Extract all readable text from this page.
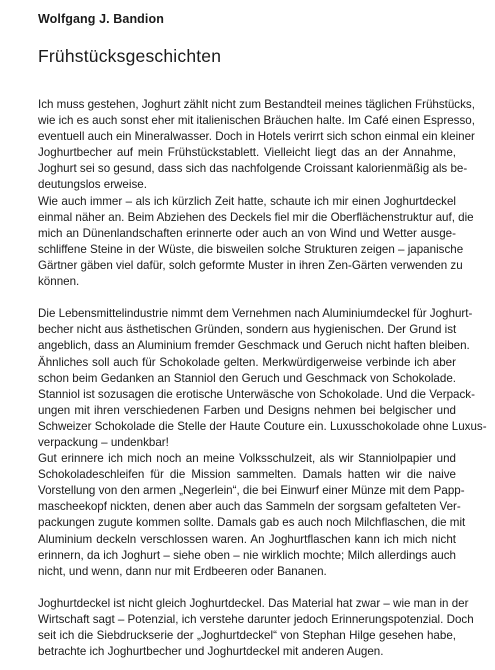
Wolfgang J. Bandion
Frühstücksgeschichten
Ich muss gestehen, Joghurt zählt nicht zum Bestandteil meines täglichen Frühstücks,
wie ich es auch sonst eher mit italienischen Bräuchen halte. Im Café einen Espresso,
eventuell auch ein Mineralwasser. Doch in Hotels verirrt sich schon einmal ein kleiner
Joghurtbecher auf mein Frühstückstablett. Vielleicht liegt das an der Annahme,
Joghurt sei so gesund, dass sich das nachfolgende Croissant kalorienmäßig als be-
deutungslos erweise.
Wie auch immer – als ich kürzlich Zeit hatte, schaute ich mir einen Joghurtdeckel
einmal näher an. Beim Abziehen des Deckels fiel mir die Oberflächenstruktur auf, die
mich an Dünenlandschaften erinnerte oder auch an von Wind und Wetter ausge-
schliffene Steine in der Wüste, die bisweilen solche Strukturen zeigen – japanische
Gärtner gäben viel dafür, solch geformte Muster in ihren Zen-Gärten verwenden zu
können.
Die Lebensmittelindustrie nimmt dem Vernehmen nach Aluminiumdeckel für Joghurt-
becher nicht aus ästhetischen Gründen, sondern aus hygienischen. Der Grund ist
angeblich, dass an Aluminium fremder Geschmack und Geruch nicht haften bleiben.
Ähnliches soll auch für Schokolade gelten. Merkwürdigerweise verbinde ich aber
schon beim Gedanken an Stanniol den Geruch und Geschmack von Schokolade.
Stanniol ist sozusagen die erotische Unterwäsche von Schokolade. Und die Verpack-
ungen mit ihren verschiedenen Farben und Designs nehmen bei belgischer und
Schweizer Schokolade die Stelle der Haute Couture ein. Luxusschokolade ohne Luxus-
verpackung – undenkbar!
Gut erinnere ich mich noch an meine Volksschulzeit, als wir Stanniolpapier und
Schokoladeschleifen für die Mission sammelten. Damals hatten wir die naive
Vorstellung von den armen „Negerlein“, die bei Einwurf einer Münze mit dem Papp-
mascheekopf nickten, denen aber auch das Sammeln der sorgsam gefalteten Ver-
packungen zugute kommen sollte. Damals gab es auch noch Milchflaschen, die mit
Aluminium deckeln verschlossen waren. An Joghurtflaschen kann ich mich nicht
erinnern, da ich Joghurt – siehe oben – nie wirklich mochte; Milch allerdings auch
nicht, und wenn, dann nur mit Erdbeeren oder Bananen.
Joghurtdeckel ist nicht gleich Joghurtdeckel. Das Material hat zwar – wie man in der
Wirtschaft sagt – Potenzial, ich verstehe darunter jedoch Erinnerungspotenzial. Doch
seit ich die Siebdruckserie der „Joghurtdeckel“ von Stephan Hilge gesehen habe,
betrachte ich Joghurtbecher und Joghurtdeckel mit anderen Augen.
